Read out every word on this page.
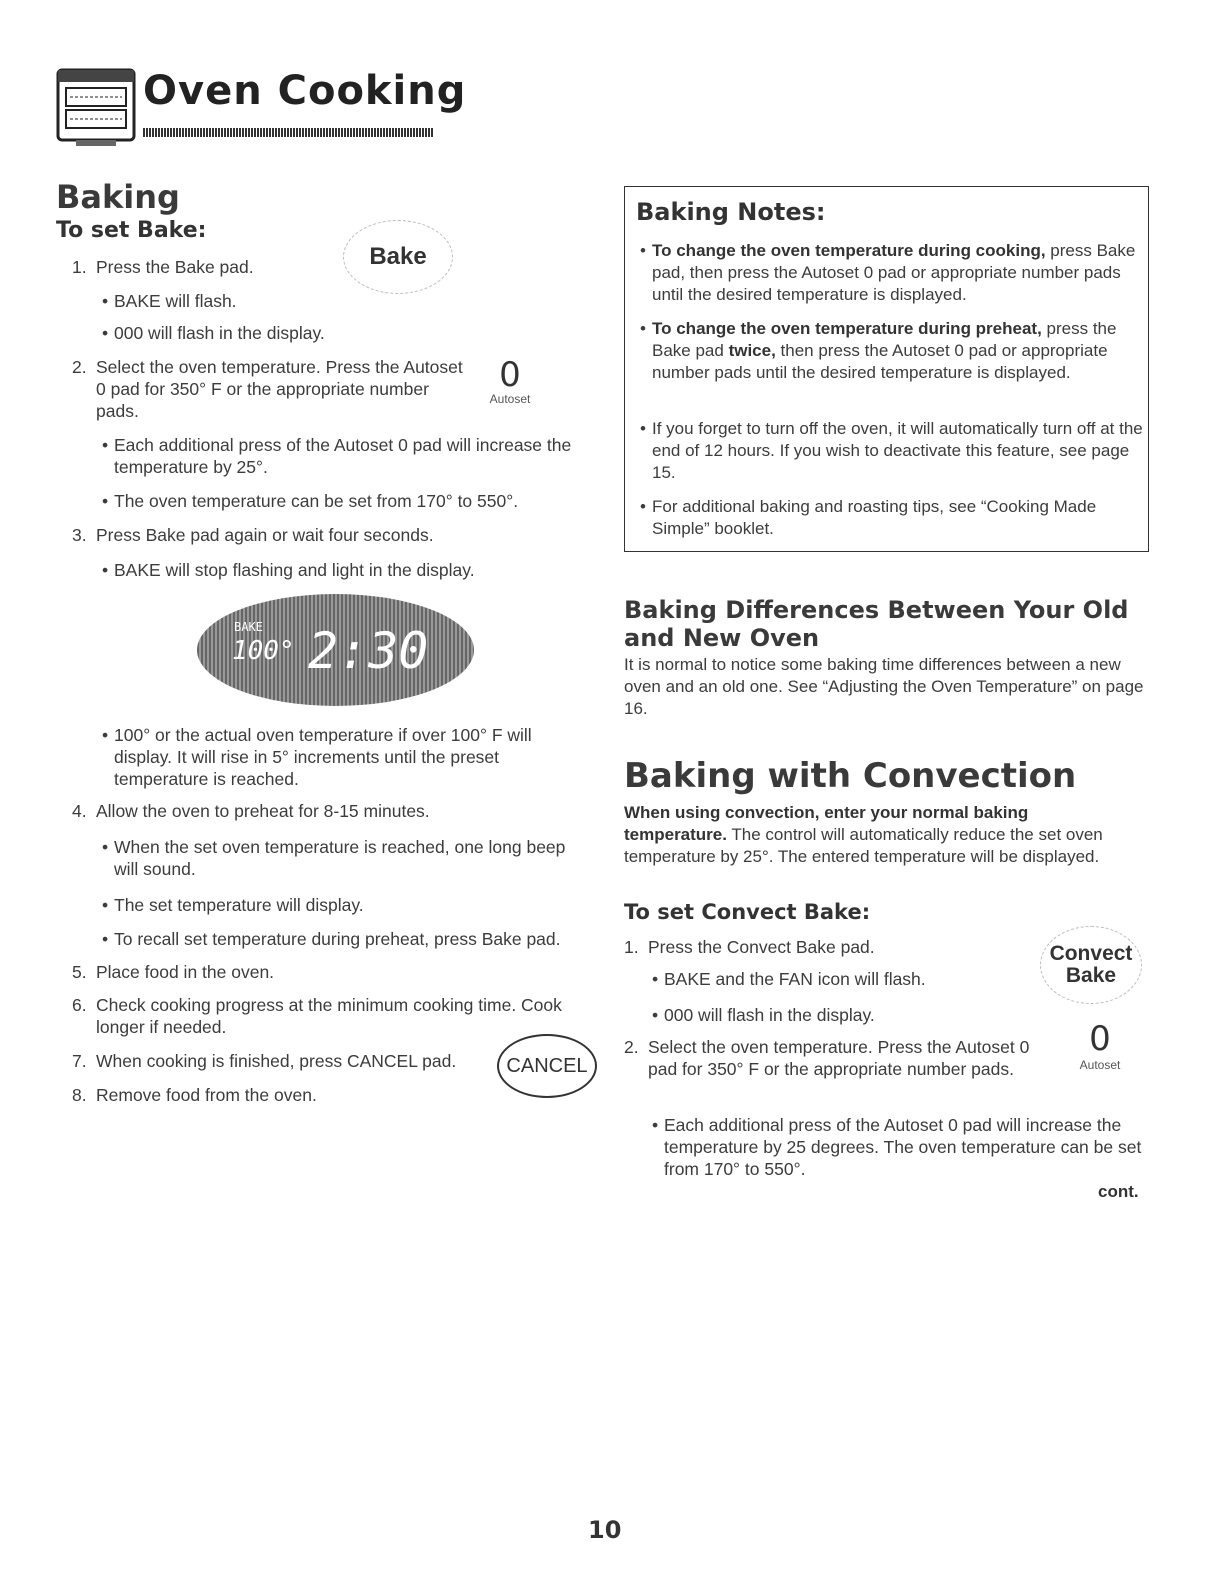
Oven Cooking
Baking
To set Bake:
Bake
1. Press the Bake pad.
• BAKE will flash.
• 000 will flash in the display.
2. Select the oven temperature. Press the Autoset 0 pad for 350° F or the appropriate number pads.
0
Autoset
• Each additional press of the Autoset 0 pad will increase the temperature by 25°.
• The oven temperature can be set from 170° to 550°.
3. Press Bake pad again or wait four seconds.
• BAKE will stop flashing and light in the display.
BAKE
100° 2:30
• 100° or the actual oven temperature if over 100° F will display. It will rise in 5° increments until the preset temperature is reached.
4. Allow the oven to preheat for 8-15 minutes.
• When the set oven temperature is reached, one long beep will sound.
• The set temperature will display.
• To recall set temperature during preheat, press Bake pad.
5. Place food in the oven.
6. Check cooking progress at the minimum cooking time. Cook longer if needed.
7. When cooking is finished, press CANCEL pad.	CANCEL
8. Remove food from the oven.
Baking Notes:
• To change the oven temperature during cooking, press Bake pad, then press the Autoset 0 pad or appropriate number pads until the desired temperature is displayed.
• To change the oven temperature during preheat, press the Bake pad twice, then press the Autoset 0 pad or appropriate number pads until the desired temperature is displayed.
• If you forget to turn off the oven, it will automatically turn off at the end of 12 hours. If you wish to deactivate this feature, see page 15.
• For additional baking and roasting tips, see “Cooking Made Simple” booklet.
Baking Differences Between Your Old and New Oven
It is normal to notice some baking time differences between a new oven and an old one. See “Adjusting the Oven Temperature” on page 16.
Baking with Convection
When using convection, enter your normal baking temperature. The control will automatically reduce the set oven temperature by 25°. The entered temperature will be displayed.
To set Convect Bake:
Convect
Bake
1. Press the Convect Bake pad.
• BAKE and the FAN icon will flash.
• 000 will flash in the display.
2. Select the oven temperature. Press the Autoset 0 pad for 350° F or the appropriate number pads.
0
Autoset
• Each additional press of the Autoset 0 pad will increase the temperature by 25 degrees. The oven temperature can be set from 170° to 550°.
cont.
10
